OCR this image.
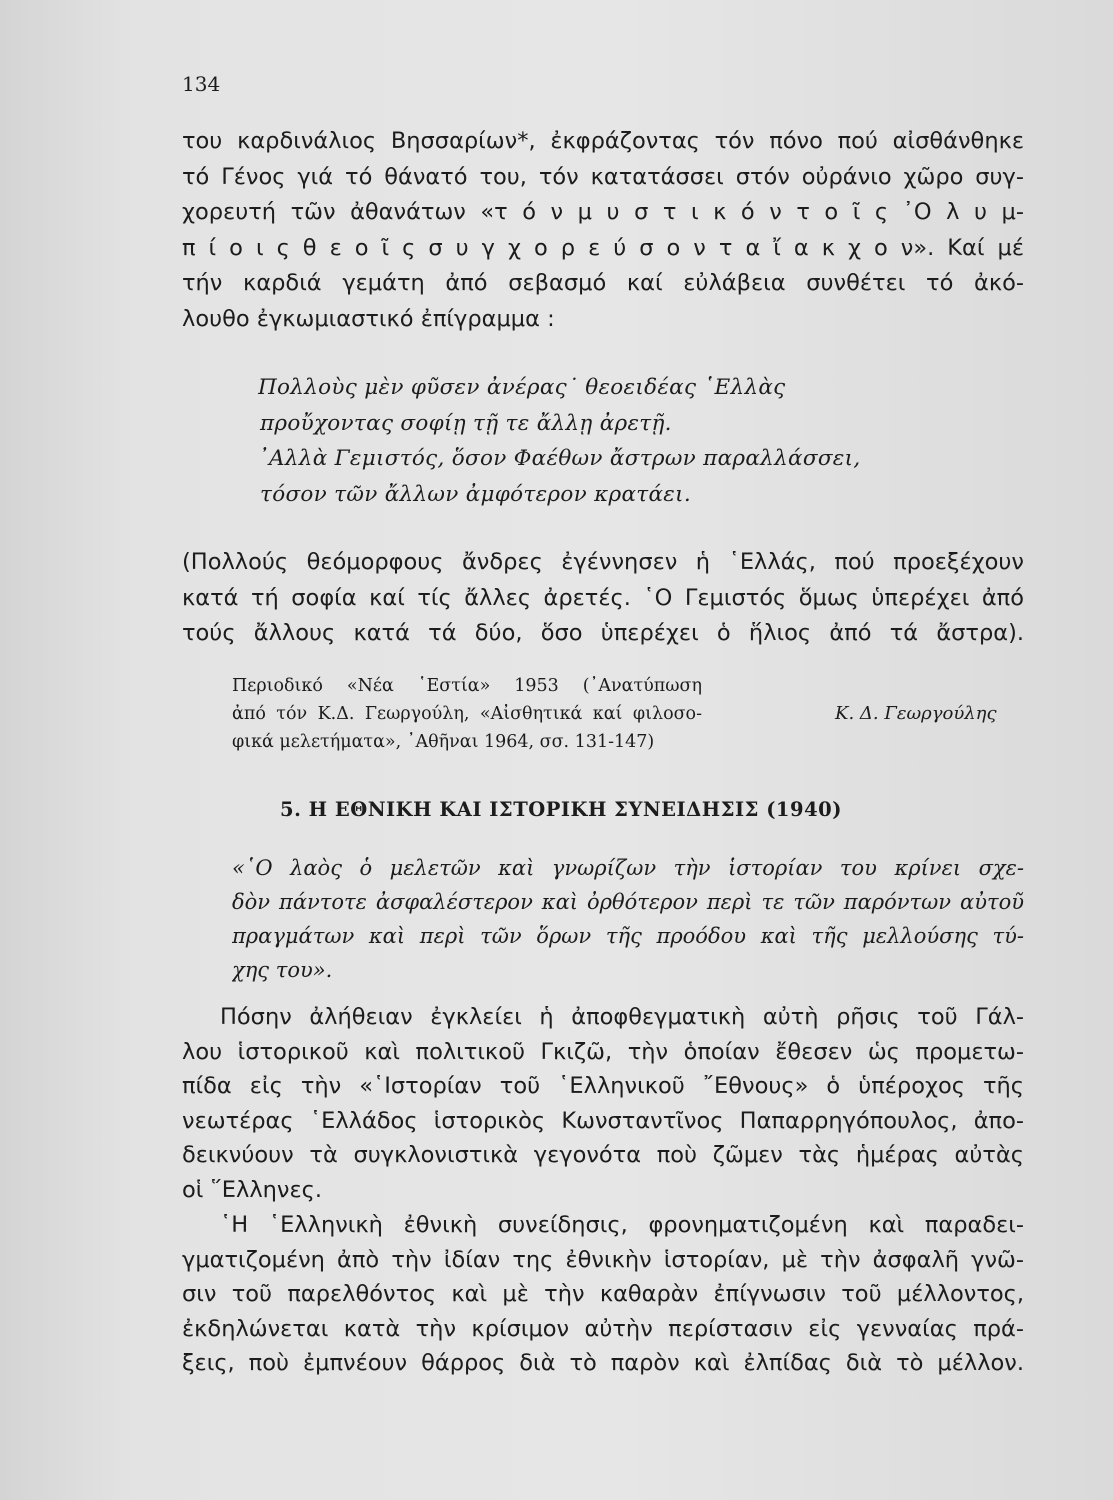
134
του καρδινάλιος Βησσαρίων*, ἐκφράζοντας τόν πόνο πού αἰσθάνθηκε
τό Γένος γιά τό θάνατό του, τόν κατατάσσει στόν οὐράνιο χῶρο συγ-
χορευτή τῶν ἀθανάτων «τ ό ν μ υ σ τ ι κ ό ν τ ο ῖ ς ᾿Ο λ υ μ-
π ί ο ι ς θ ε ο ῖ ς σ υ γ χ ο ρ ε ύ σ ο ν τ α ἴ α κ χ ο ν». Καί μέ
τήν καρδιά γεμάτη ἀπό σεβασμό καί εὐλάβεια συνθέτει τό ἀκό-
λουθο ἐγκωμιαστικό ἐπίγραμμα :
Πολλοὺς μὲν φῦσεν ἀνέρας˙ θεοειδέας ῾Ελλὰς
προὔχοντας σοφίῃ τῇ τε ἄλλῃ ἀρετῇ.
᾿Αλλὰ Γεμιστός, ὅσον Φαέθων ἄστρων παραλλάσσει,
τόσον τῶν ἄλλων ἀμφότερον κρατάει.
(Πολλούς θεόμορφους ἄνδρες ἐγέννησεν ἡ ῾Ελλάς, πού προεξέχουν
κατά τή σοφία καί τίς ἄλλες ἀρετές. ῾Ο Γεμιστός ὅμως ὑπερέχει ἀπό
τούς ἄλλους κατά τά δύο, ὅσο ὑπερέχει ὁ ἥλιος ἀπό τά ἄστρα).
Περιοδικό «Νέα ῾Εστία» 1953 (᾿Ανατύπωση
ἀπό τόν Κ.Δ. Γεωργούλη, «Αἰσθητικά καί φιλοσο-
φικά μελετήματα», ᾿Αθῆναι 1964, σσ. 131-147)
Κ. Δ. Γεωργούλης
5. Η ΕΘΝΙΚΗ ΚΑΙ ΙΣΤΟΡΙΚΗ ΣΥΝΕΙΔΗΣΙΣ (1940)
«῾Ο λαὸς ὁ μελετῶν καὶ γνωρίζων τὴν ἱστορίαν του κρίνει σχε-
δὸν πάντοτε ἀσφαλέστερον καὶ ὀρθότερον περὶ τε τῶν παρόντων αὐτοῦ
πραγμάτων καὶ περὶ τῶν ὅρων τῆς προόδου καὶ τῆς μελλούσης τύ-
χης του».
Πόσην ἀλήθειαν ἐγκλείει ἡ ἀποφθεγματικὴ αὐτὴ ρῆσις τοῦ Γάλ-
λου ἱστορικοῦ καὶ πολιτικοῦ Γκιζῶ, τὴν ὁποίαν ἔθεσεν ὡς προμετω-
πίδα εἰς τὴν «῾Ιστορίαν τοῦ ῾Ελληνικοῦ ῎Εθνους» ὁ ὑπέροχος τῆς
νεωτέρας ῾Ελλάδος ἱστορικὸς Κωνσταντῖνος Παπαρρηγόπουλος, ἀπο-
δεικνύουν τὰ συγκλονιστικὰ γεγονότα ποὺ ζῶμεν τὰς ἡμέρας αὐτὰς
οἱ ῞Ελληνες.
῾Η ῾Ελληνικὴ ἐθνικὴ συνείδησις, φρονηματιζομένη καὶ παραδει-
γματιζομένη ἀπὸ τὴν ἰδίαν της ἐθνικὴν ἱστορίαν, μὲ τὴν ἀσφαλῆ γνῶ-
σιν τοῦ παρελθόντος καὶ μὲ τὴν καθαρὰν ἐπίγνωσιν τοῦ μέλλοντος,
ἐκδηλώνεται κατὰ τὴν κρίσιμον αὐτὴν περίστασιν εἰς γενναίας πρά-
ξεις, ποὺ ἐμπνέουν θάρρος διὰ τὸ παρὸν καὶ ἐλπίδας διὰ τὸ μέλλον.
